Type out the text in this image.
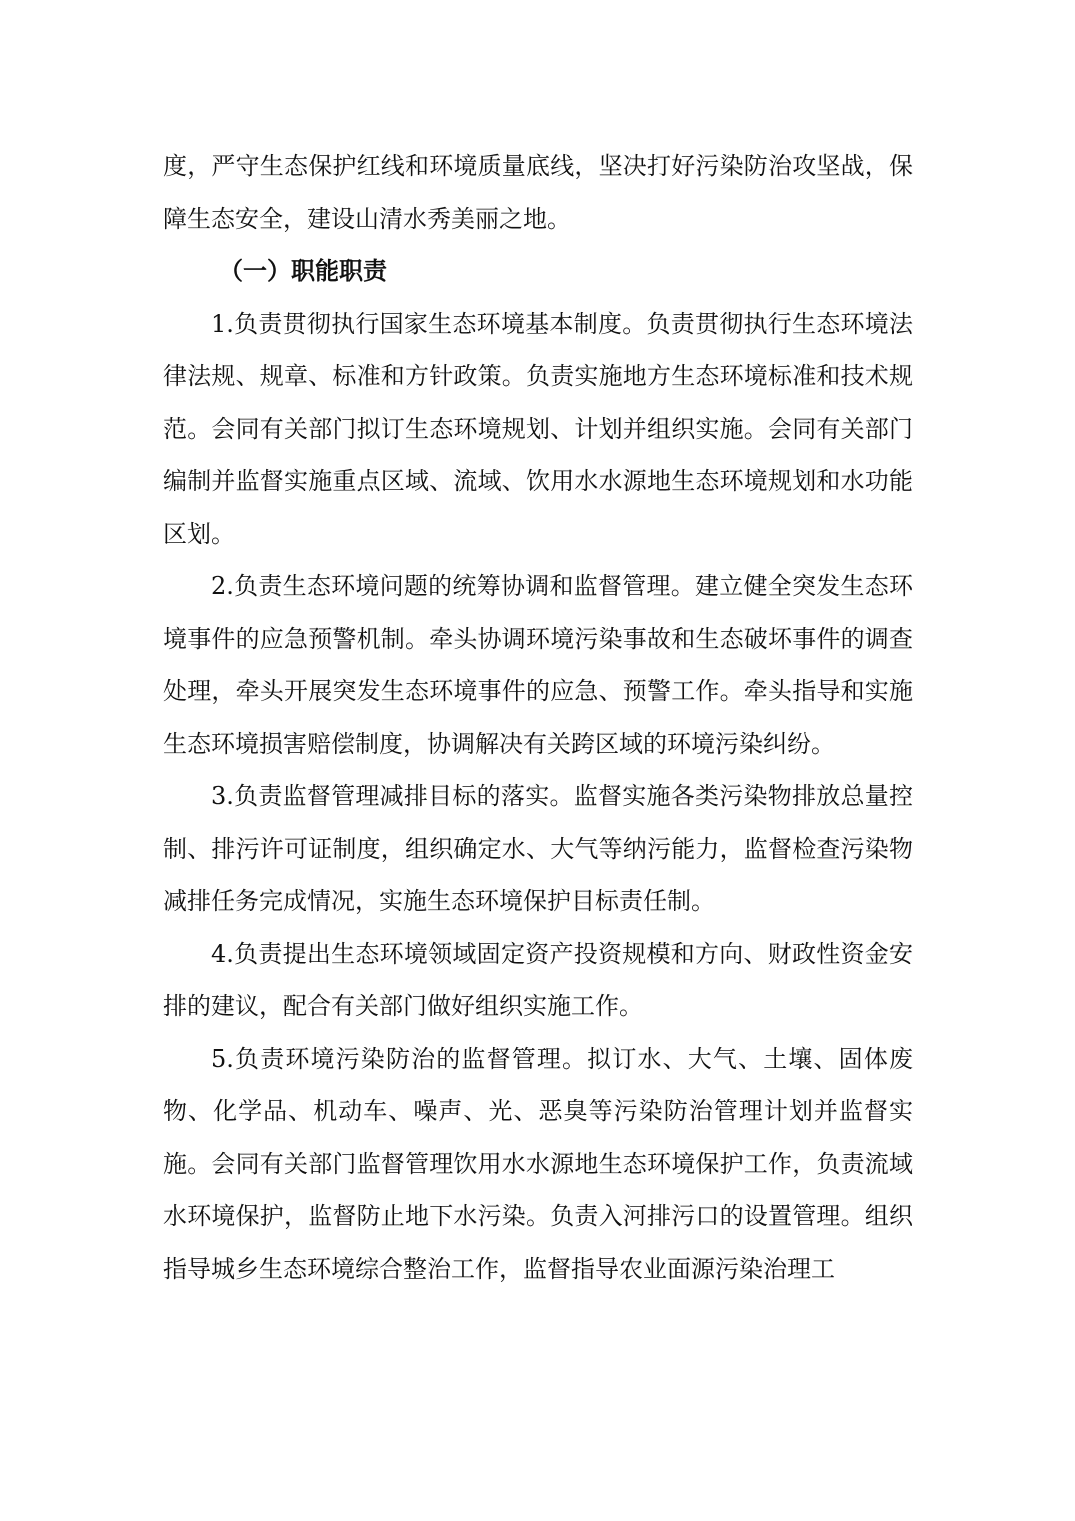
度，严守生态保护红线和环境质量底线，坚决打好污染防治攻坚战，保障生态安全，建设山清水秀美丽之地。

（一）职能职责

1.负责贯彻执行国家生态环境基本制度。负责贯彻执行生态环境法律法规、规章、标准和方针政策。负责实施地方生态环境标准和技术规范。会同有关部门拟订生态环境规划、计划并组织实施。会同有关部门编制并监督实施重点区域、流域、饮用水水源地生态环境规划和水功能区划。

2.负责生态环境问题的统筹协调和监督管理。建立健全突发生态环境事件的应急预警机制。牵头协调环境污染事故和生态破坏事件的调查处理，牵头开展突发生态环境事件的应急、预警工作。牵头指导和实施生态环境损害赔偿制度，协调解决有关跨区域的环境污染纠纷。

3.负责监督管理减排目标的落实。监督实施各类污染物排放总量控制、排污许可证制度，组织确定水、大气等纳污能力，监督检查污染物减排任务完成情况，实施生态环境保护目标责任制。

4.负责提出生态环境领域固定资产投资规模和方向、财政性资金安排的建议，配合有关部门做好组织实施工作。

5.负责环境污染防治的监督管理。拟订水、大气、土壤、固体废物、化学品、机动车、噪声、光、恶臭等污染防治管理计划并监督实施。会同有关部门监督管理饮用水水源地生态环境保护工作，负责流域水环境保护，监督防止地下水污染。负责入河排污口的设置管理。组织指导城乡生态环境综合整治工作，监督指导农业面源污染治理工
